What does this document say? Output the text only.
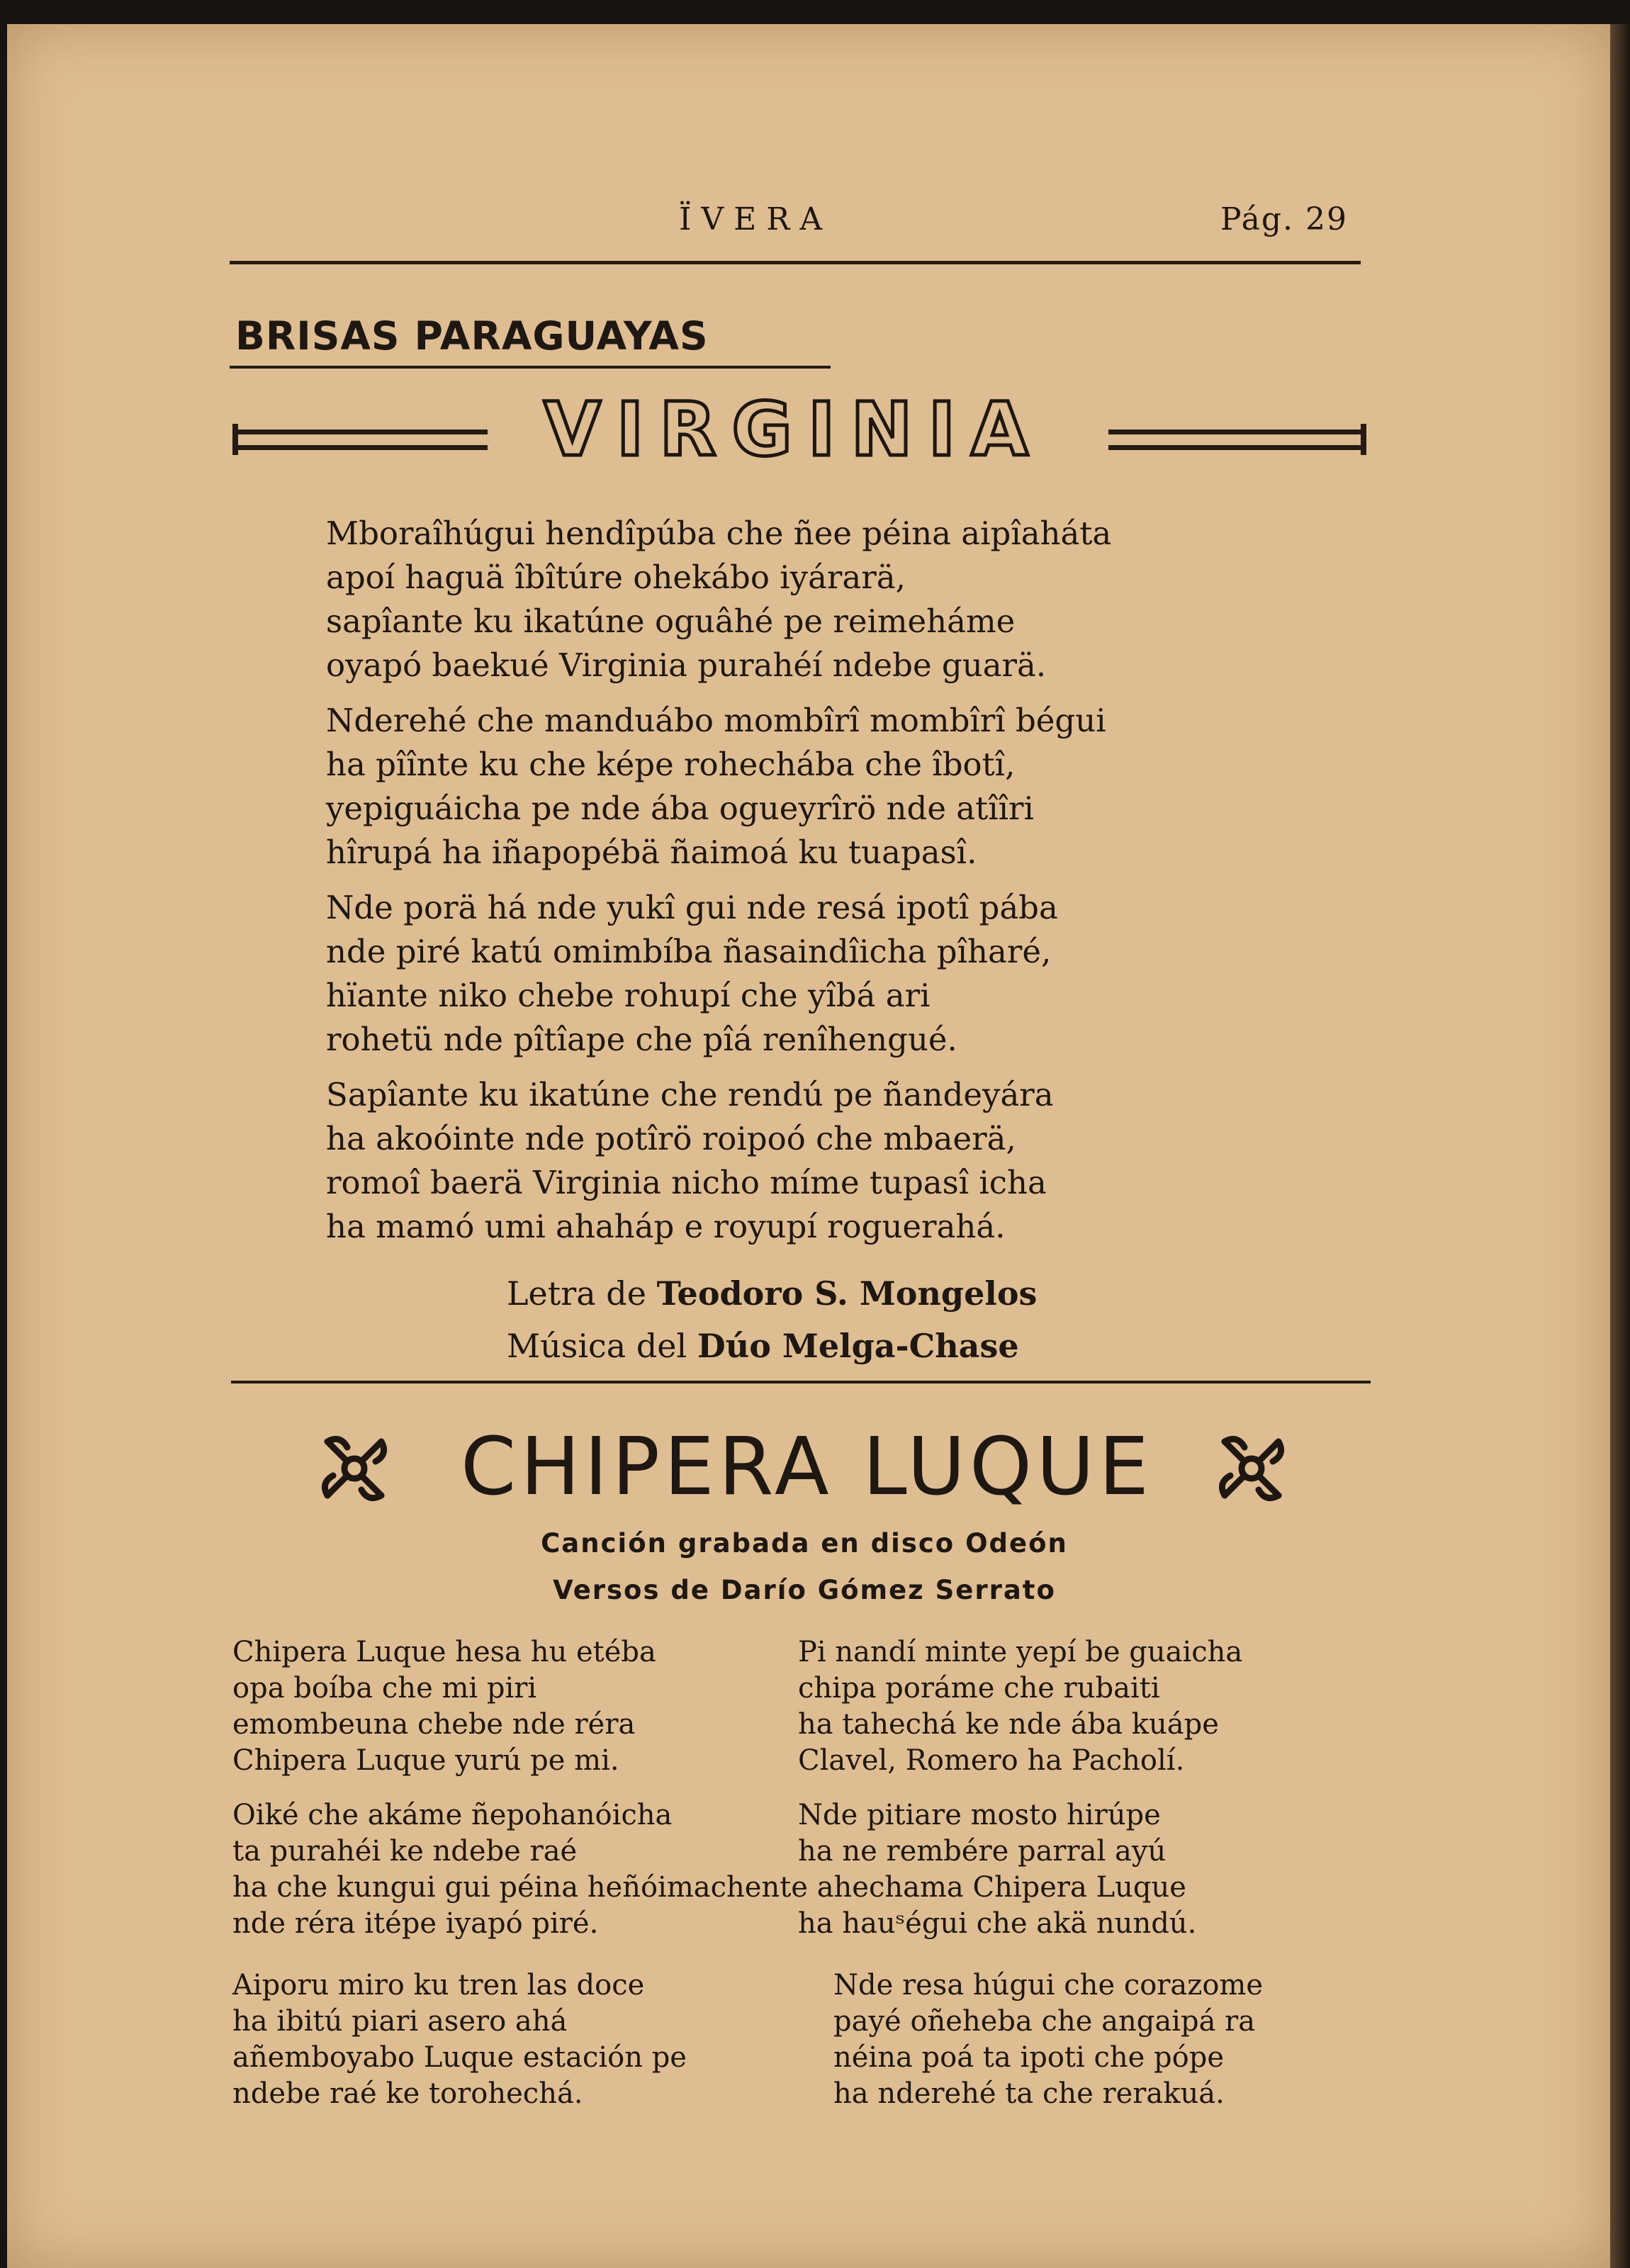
ÏVERA	Pág. 29
BRISAS PARAGUAYAS
VIRGINIA
Mboraîhúgui hendîpúba che ñee péina aipîaháta
apoí haguä îbîtúre ohekábo iyárarä,
sapîante ku ikatúne oguâhé pe reimeháme
oyapó baekué Virginia purahéí ndebe guarä.
Nderehé che manduábo mombîrî mombîrî bégui
ha pîînte ku che képe rohechába che îbotî,
yepiguáicha pe nde ába ogueyrîrö nde atîîri
hîrupá ha iñapopébä ñaimoá ku tuapasî.
Nde porä há nde yukî gui nde resá ipotî pába
nde piré katú omimbíba ñasaindîicha pîharé,
hïante niko chebe rohupí che yîbá ari
rohetü nde pîtîape che pîá renîhengué.
Sapîante ku ikatúne che rendú pe ñandeyára
ha akoóinte nde potîrö roipoó che mbaerä,
romoî baerä Virginia nicho míme tupasî icha
ha mamó umi ahaháp e royupí roguerahá.
Letra de Teodoro S. Mongelos
Música del Dúo Melga-Chase
CHIPERA LUQUE
Canción grabada en disco Odeón
Versos de Darío Gómez Serrato
Chipera Luque hesa hu etéba
opa boíba che mi piri
emombeuna chebe nde réra
Chipera Luque yurú pe mi.
Oiké che akáme ñepohanóicha
ta purahéi ke ndebe raé
ha che kungui gui péina heñóimachente ahechama Chipera Luque
nde réra itépe iyapó piré.
Aiporu miro ku tren las doce
ha ibitú piari asero ahá
añemboyabo Luque estación pe
ndebe raé ke torohechá.
Pi nandí minte yepí be guaicha
chipa poráme che rubaiti
ha tahechá ke nde ába kuápe
Clavel, Romero ha Pacholí.
Nde pitiare mosto hirúpe
ha ne rembére parral ayú

ha hauˢégui che akä nundú.
Nde resa húgui che corazome
payé oñeheba che angaipá ra
néina poá ta ipoti che pópe
ha nderehé ta che rerakuá.
